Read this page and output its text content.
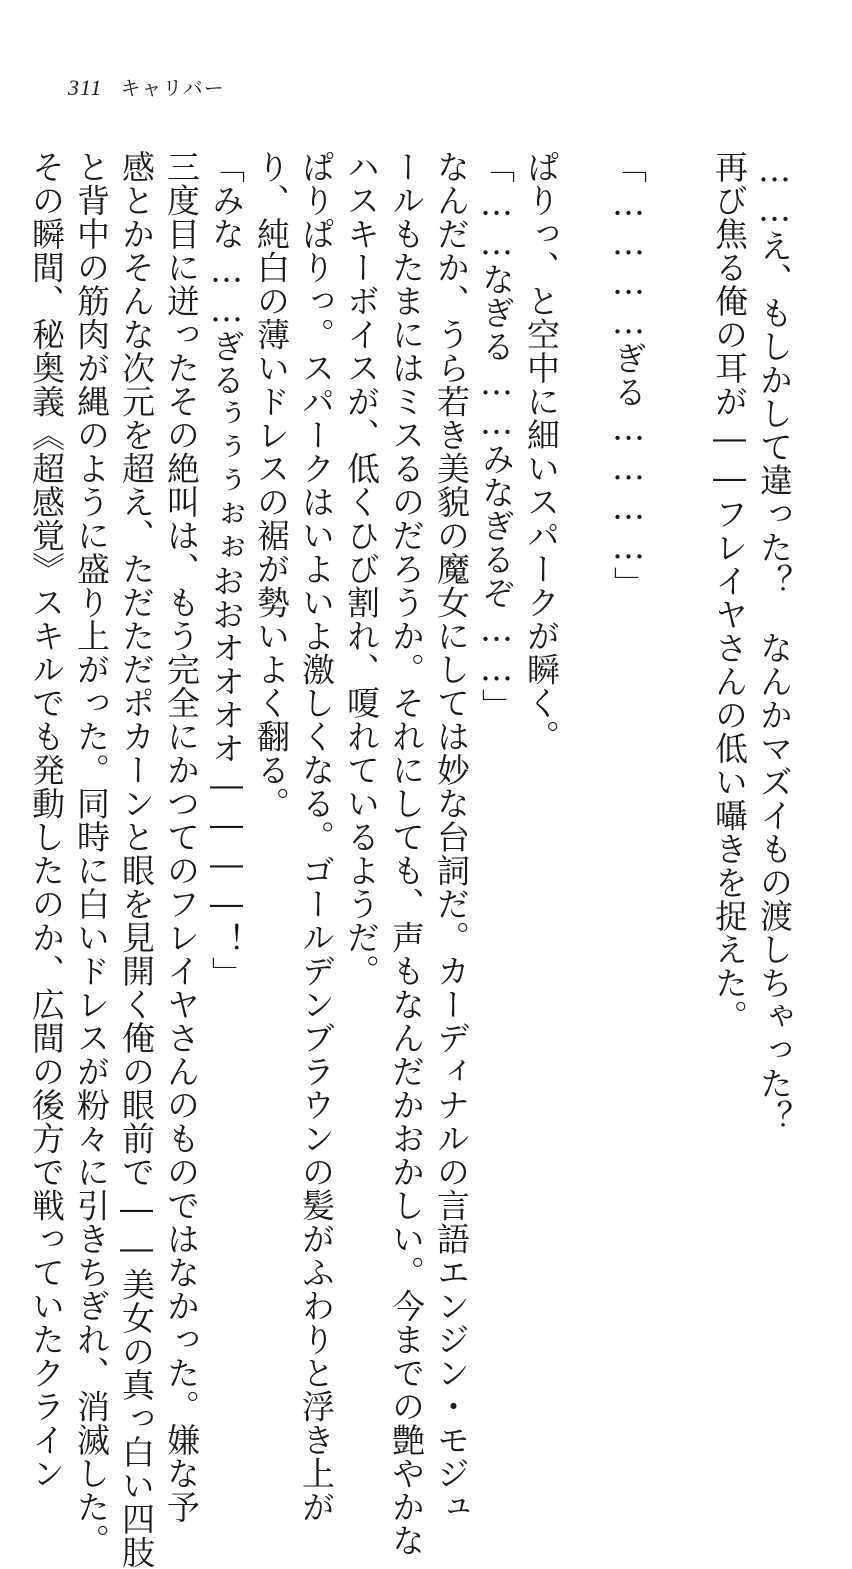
311 キャリバー
……え、もしかして違った？　なんかマズイもの渡しちゃった？
再び焦る俺の耳が――フレイヤさんの低い囁きを捉えた。
「…………ぎる…………」
ぱりっ、と空中に細いスパークが瞬く。
「……なぎる……みなぎるぞ……」
なんだか、うら若き美貌の魔女にしては妙な台詞だ。カーディナルの言語エンジン・モジュ
ールもたまにはミスるのだろうか。それにしても、声もなんだかおかしい。今までの艶やかな
ハスキーボイスが、低くひび割れ、嗄れているようだ。
ぱりぱりっ。スパークはいよいよ激しくなる。ゴールデンブラウンの髪がふわりと浮き上が
り、純白の薄いドレスの裾が勢いよく翻る。
「みな……ぎるぅぅぅぉぉおおオオオオ――――！」
三度目に迸ったその絶叫は、もう完全にかつてのフレイヤさんのものではなかった。嫌な予
感とかそんな次元を超え、ただただポカーンと眼を見開く俺の眼前で――美女の真っ白い四肢
と背中の筋肉が縄のように盛り上がった。同時に白いドレスが粉々に引きちぎれ、消滅した。
その瞬間、秘奥義《超感覚》スキルでも発動したのか、広間の後方で戦っていたクライン
